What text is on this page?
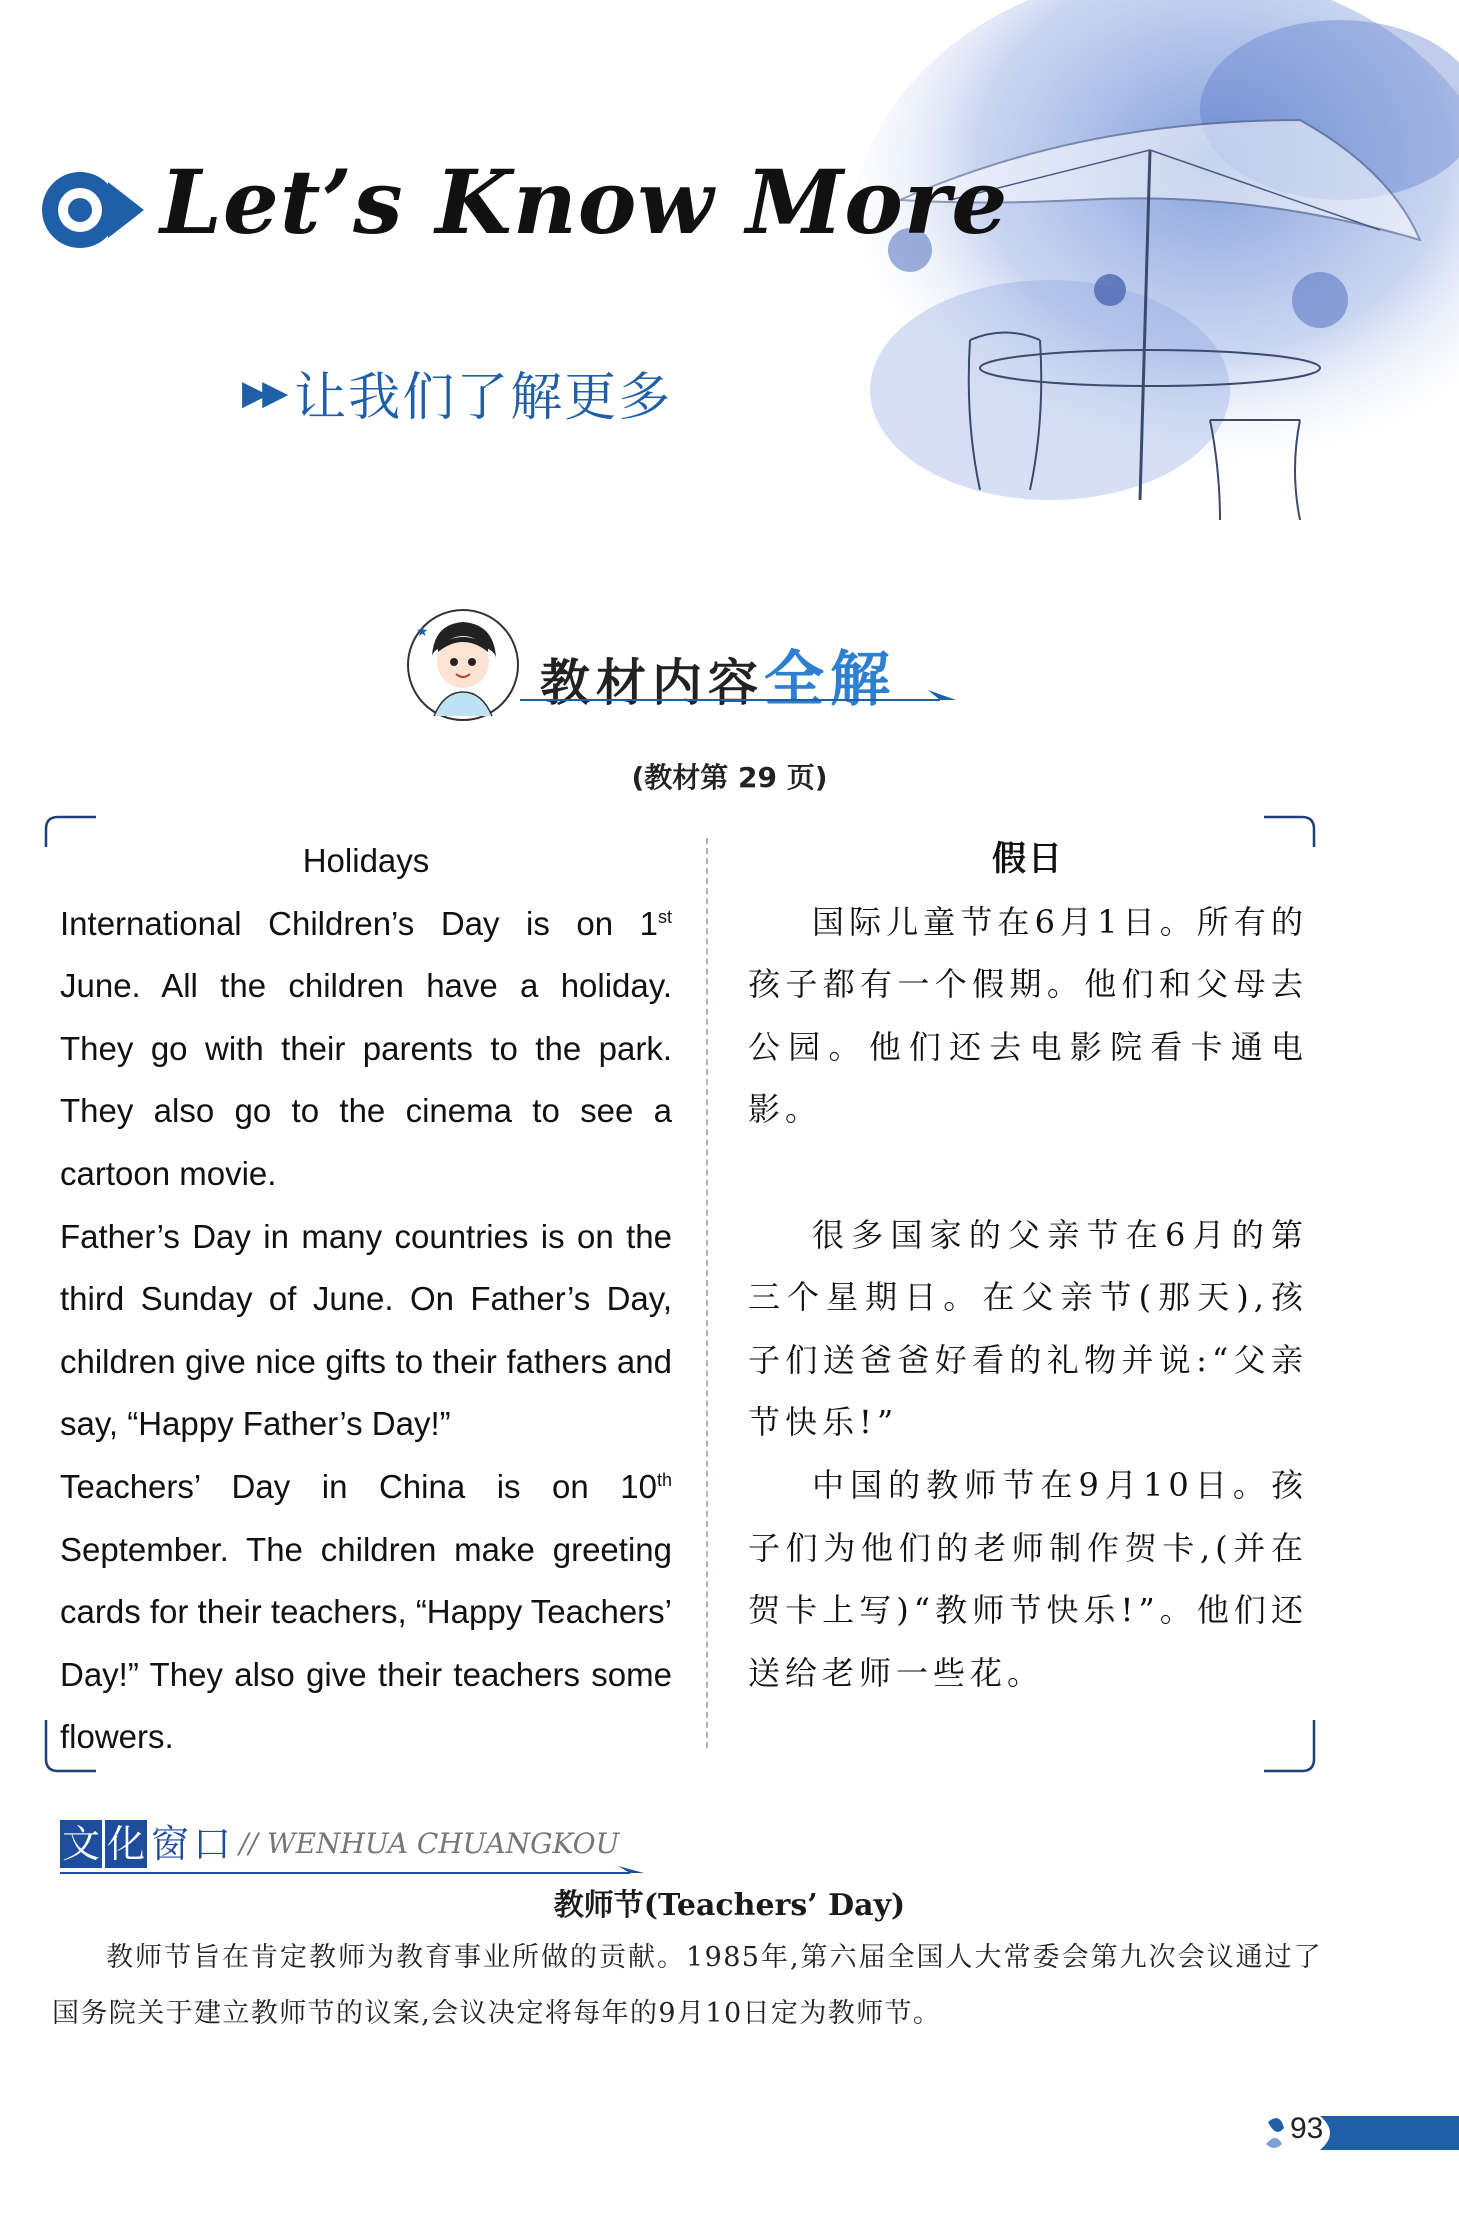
Let’s Know More
▶▶ 让我们了解更多
★
教材内容全解
(教材第 29 页)

Holidays

International Children’s Day is on 1st June. All the children have a holiday. They go with their parents to the park. They also go to the cinema to see a cartoon movie.

Father’s Day in many countries is on the third Sunday of June. On Father’s Day, children give nice gifts to their fathers and say, “Happy Father’s Day!”

Teachers’ Day in China is on 10th September. The children make greeting cards for their teachers, “Happy Teachers’ Day!” They also give their teachers some flowers.

假日

国际儿童节在6月1日。所有的孩子都有一个假期。他们和父母去公园。他们还去电影院看卡通电影。

很多国家的父亲节在6月的第三个星期日。在父亲节(那天),孩子们送爸爸好看的礼物并说:“父亲节快乐!”

中国的教师节在9月10日。孩子们为他们的老师制作贺卡,(并在贺卡上写)“教师节快乐!”。他们还送给老师一些花。

文 化 窗 口 // WENHUA CHUANGKOU
教师节(Teachers’ Day)

教师节旨在肯定教师为教育事业所做的贡献。1985年,第六届全国人大常委会第九次会议通过了国务院关于建立教师节的议案,会议决定将每年的9月10日定为教师节。

93
